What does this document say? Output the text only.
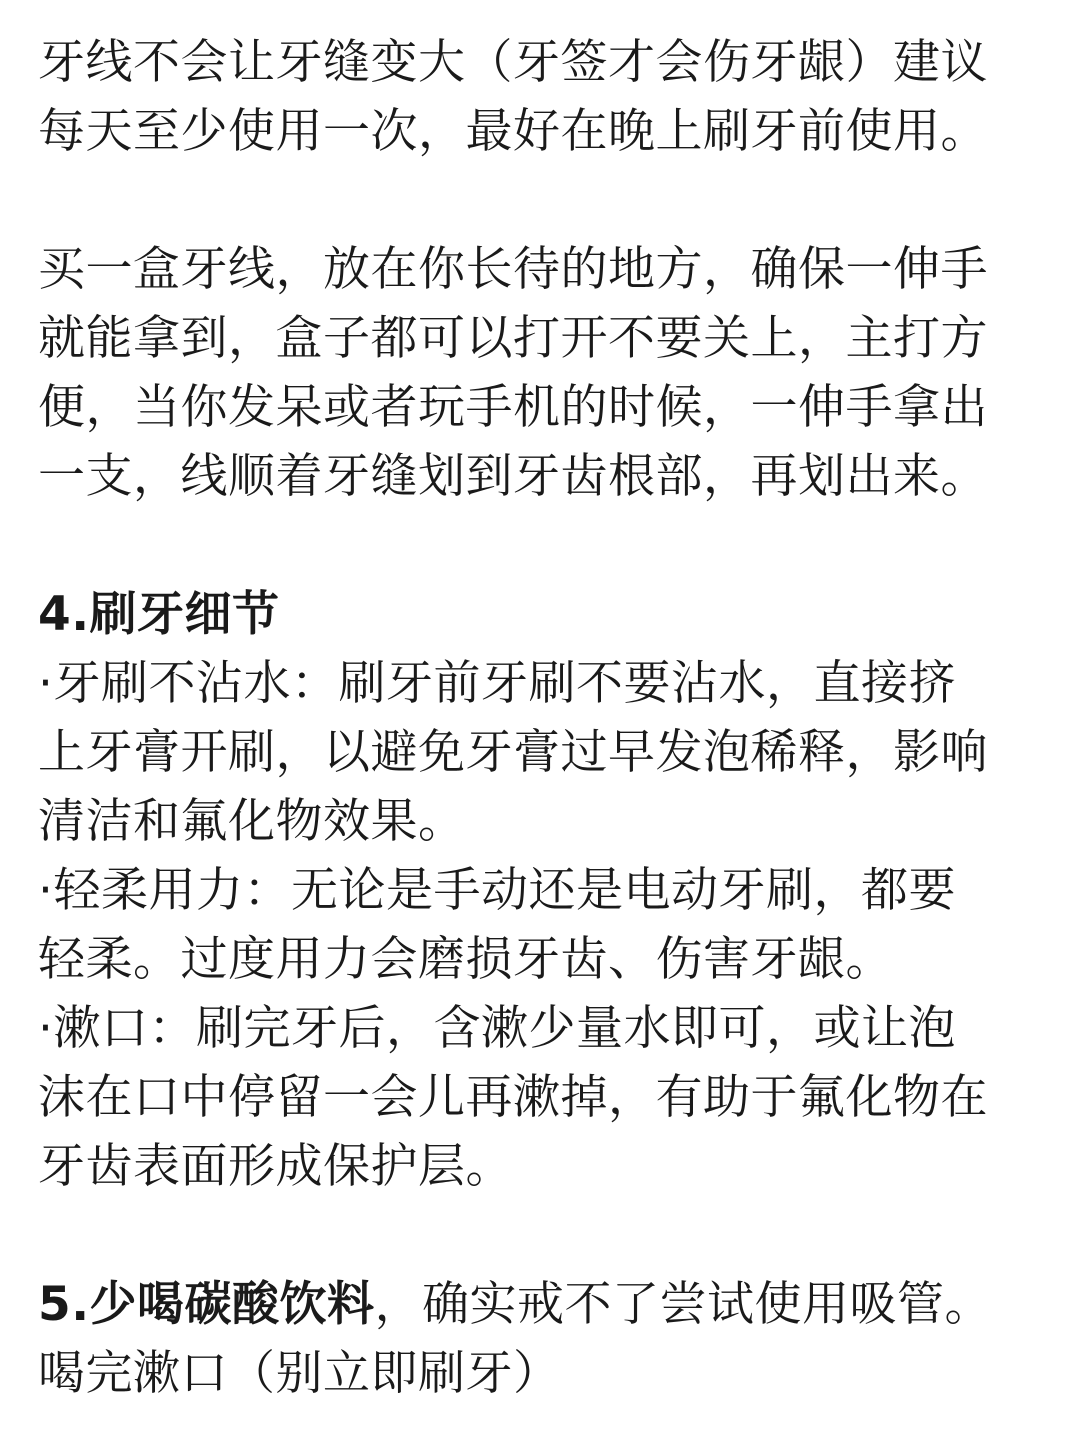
牙线不会让牙缝变大（牙签才会伤牙龈）建议
每天至少使用一次，最好在晚上刷牙前使用。
买一盒牙线，放在你长待的地方，确保一伸手
就能拿到，盒子都可以打开不要关上，主打方
便，当你发呆或者玩手机的时候，一伸手拿出
一支，线顺着牙缝划到牙齿根部，再划出来。
4.刷牙细节
·牙刷不沾水：刷牙前牙刷不要沾水，直接挤
上牙膏开刷，以避免牙膏过早发泡稀释，影响
清洁和氟化物效果。
·轻柔用力：无论是手动还是电动牙刷，都要
轻柔。过度用力会磨损牙齿、伤害牙龈。
·漱口：刷完牙后，含漱少量水即可，或让泡
沫在口中停留一会儿再漱掉，有助于氟化物在
牙齿表面形成保护层。
5.少喝碳酸饮料，确实戒不了尝试使用吸管。
喝完漱口（别立即刷牙）
